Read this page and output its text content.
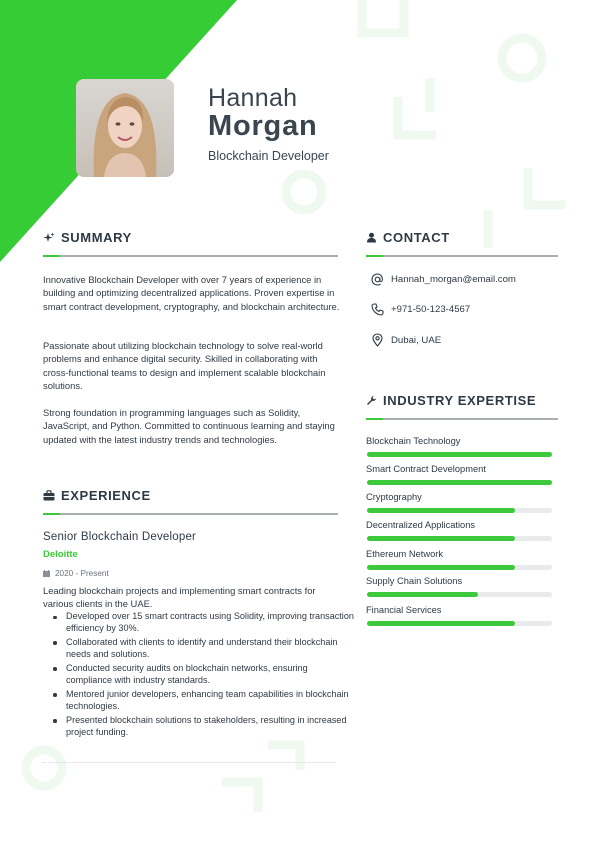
Hannah
Morgan
Blockchain Developer
SUMMARY

Innovative Blockchain Developer with over 7 years of experience in building and optimizing decentralized applications. Proven expertise in smart contract development, cryptography, and blockchain architecture.

Passionate about utilizing blockchain technology to solve real-world problems and enhance digital security. Skilled in collaborating with cross-functional teams to design and implement scalable blockchain solutions.

Strong foundation in programming languages such as Solidity, JavaScript, and Python. Committed to continuous learning and staying updated with the latest industry trends and technologies.

EXPERIENCE
Senior Blockchain Developer
Deloitte
2020 - Present

Leading blockchain projects and implementing smart contracts for various clients in the UAE.

Developed over 15 smart contracts using Solidity, improving transaction efficiency by 30%.
Collaborated with clients to identify and understand their blockchain needs and solutions.
Conducted security audits on blockchain networks, ensuring compliance with industry standards.
Mentored junior developers, enhancing team capabilities in blockchain technologies.
Presented blockchain solutions to stakeholders, resulting in increased project funding.
CONTACT
Hannah_morgan@email.com
+971-50-123-4567
Dubai, UAE
INDUSTRY EXPERTISE
Blockchain Technology
Smart Contract Development
Cryptography
Decentralized Applications
Ethereum Network
Supply Chain Solutions
Financial Services
